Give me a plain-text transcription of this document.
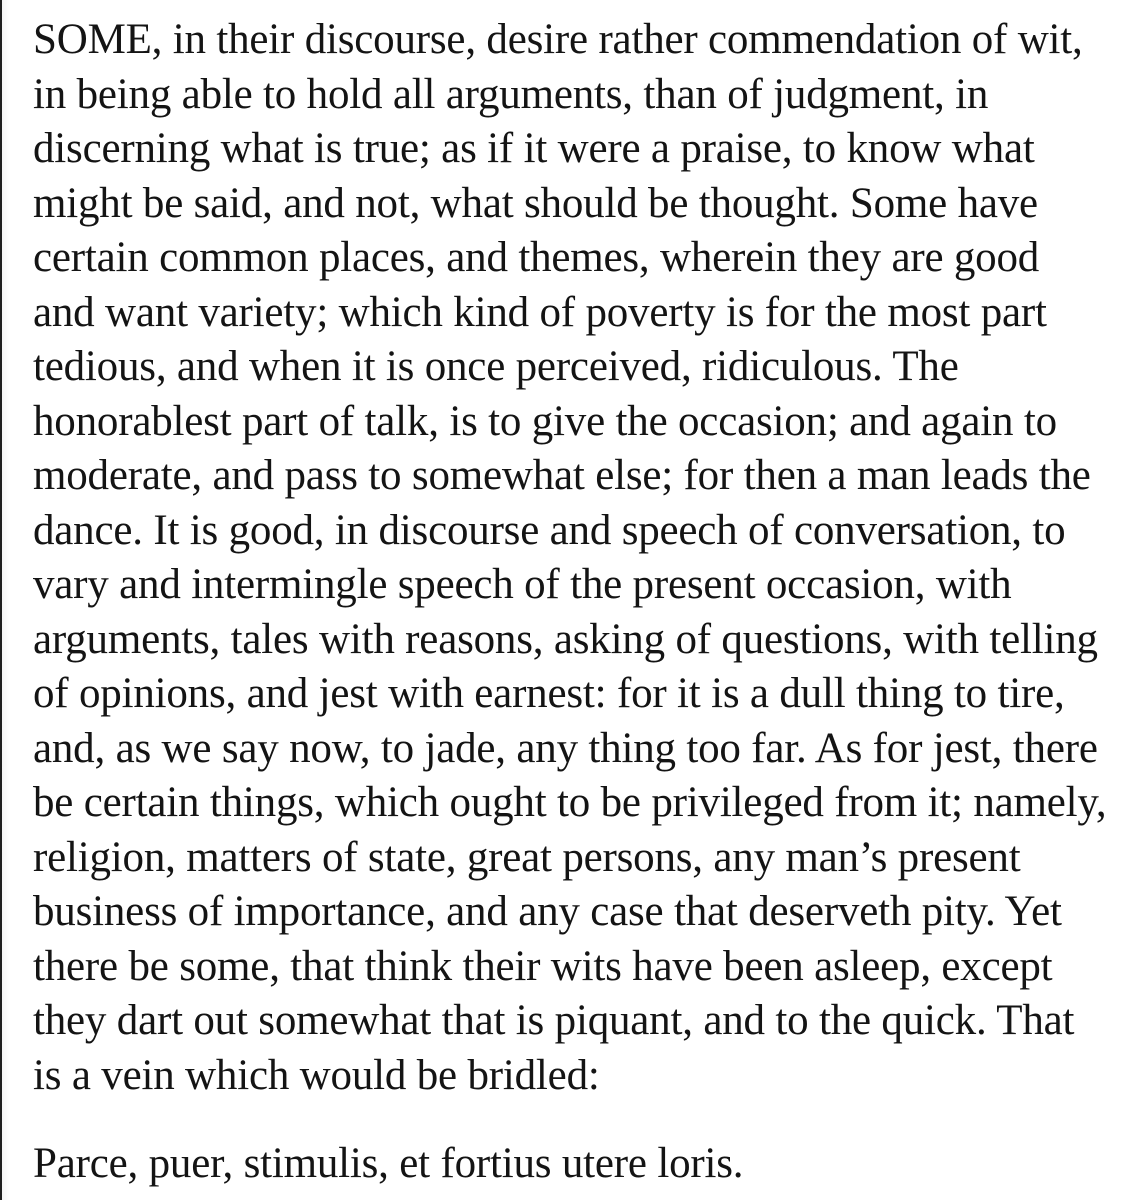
SOME, in their discourse, desire rather commendation of wit,
in being able to hold all arguments, than of judgment, in
discerning what is true; as if it were a praise, to know what
might be said, and not, what should be thought. Some have
certain common places, and themes, wherein they are good
and want variety; which kind of poverty is for the most part
tedious, and when it is once perceived, ridiculous. The
honorablest part of talk, is to give the occasion; and again to
moderate, and pass to somewhat else; for then a man leads the
dance. It is good, in discourse and speech of conversation, to
vary and intermingle speech of the present occasion, with
arguments, tales with reasons, asking of questions, with telling
of opinions, and jest with earnest: for it is a dull thing to tire,
and, as we say now, to jade, any thing too far. As for jest, there
be certain things, which ought to be privileged from it; namely,
religion, matters of state, great persons, any man’s present
business of importance, and any case that deserveth pity. Yet
there be some, that think their wits have been asleep, except
they dart out somewhat that is piquant, and to the quick. That
is a vein which would be bridled:
Parce, puer, stimulis, et fortius utere loris.
